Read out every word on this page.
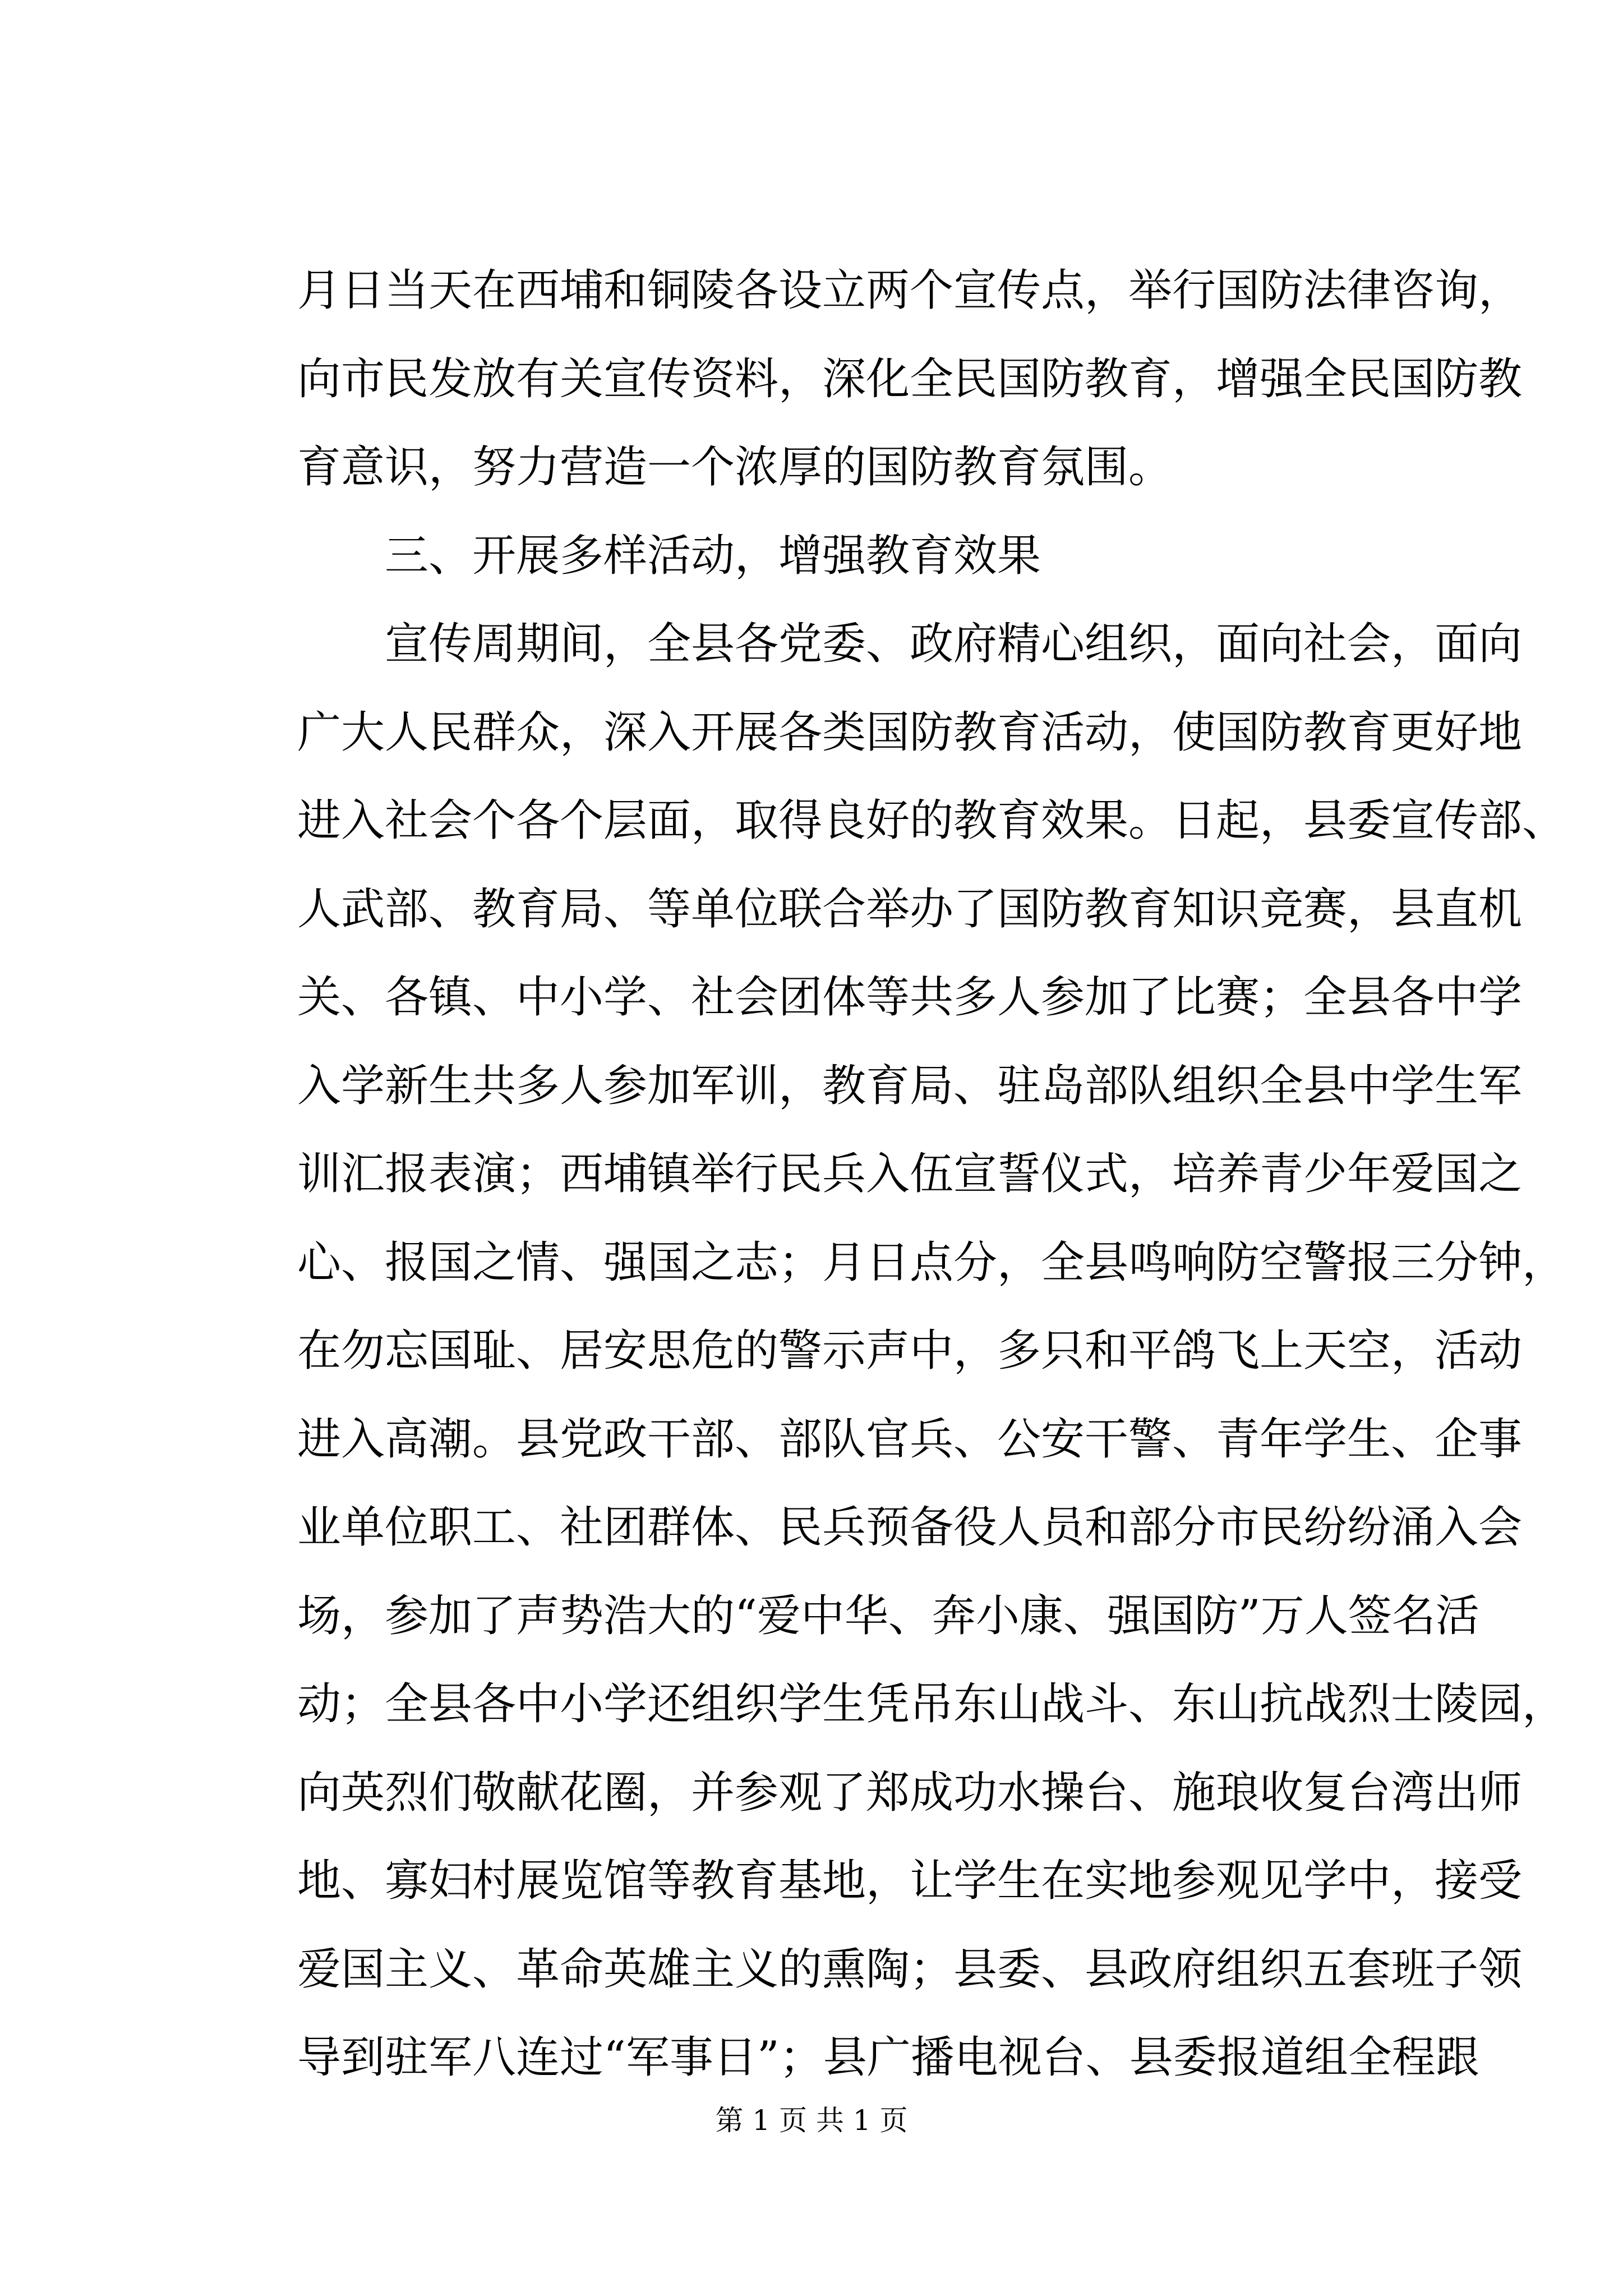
月日当天在西埔和铜陵各设立两个宣传点，举行国防法律咨询，
向市民发放有关宣传资料，深化全民国防教育，增强全民国防教
育意识，努力营造一个浓厚的国防教育氛围。
三、开展多样活动，增强教育效果
宣传周期间，全县各党委、政府精心组织，面向社会，面向
广大人民群众，深入开展各类国防教育活动，使国防教育更好地
进入社会个各个层面，取得良好的教育效果。日起，县委宣传部、
人武部、教育局、等单位联合举办了国防教育知识竞赛，县直机
关、各镇、中小学、社会团体等共多人参加了比赛；全县各中学
入学新生共多人参加军训，教育局、驻岛部队组织全县中学生军
训汇报表演；西埔镇举行民兵入伍宣誓仪式，培养青少年爱国之
心、报国之情、强国之志；月日点分，全县鸣响防空警报三分钟，
在勿忘国耻、居安思危的警示声中，多只和平鸽飞上天空，活动
进入高潮。县党政干部、部队官兵、公安干警、青年学生、企事
业单位职工、社团群体、民兵预备役人员和部分市民纷纷涌入会
场，参加了声势浩大的“爱中华、奔小康、强国防”万人签名活
动；全县各中小学还组织学生凭吊东山战斗、东山抗战烈士陵园，
向英烈们敬献花圈，并参观了郑成功水操台、施琅收复台湾出师
地、寡妇村展览馆等教育基地，让学生在实地参观见学中，接受
爱国主义、革命英雄主义的熏陶；县委、县政府组织五套班子领
导到驻军八连过“军事日”；县广播电视台、县委报道组全程跟
第 1 页 共 1 页
